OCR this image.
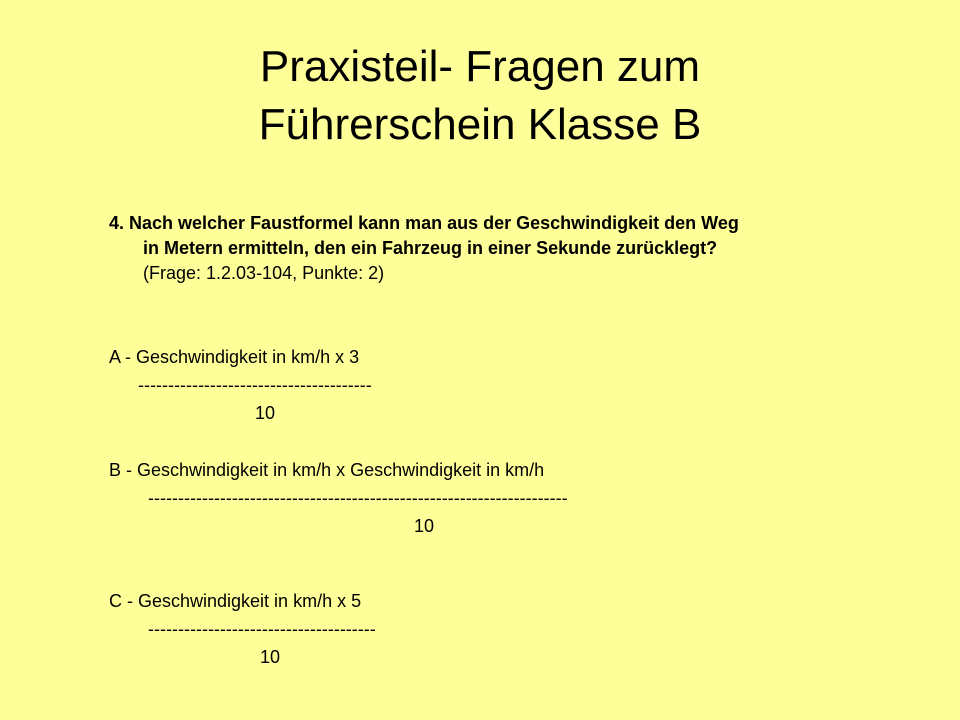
Praxisteil- Fragen zum
Führerschein Klasse B
4. Nach welcher Faustformel kann man aus der Geschwindigkeit den Weg
in Metern ermitteln, den ein Fahrzeug in einer Sekunde zurücklegt?
(Frage: 1.2.03-104, Punkte: 2)
A - Geschwindigkeit in km/h x 3
---------------------------------------
10
B - Geschwindigkeit in km/h x Geschwindigkeit in km/h
----------------------------------------------------------------------
10
C - Geschwindigkeit in km/h x 5
--------------------------------------
10
